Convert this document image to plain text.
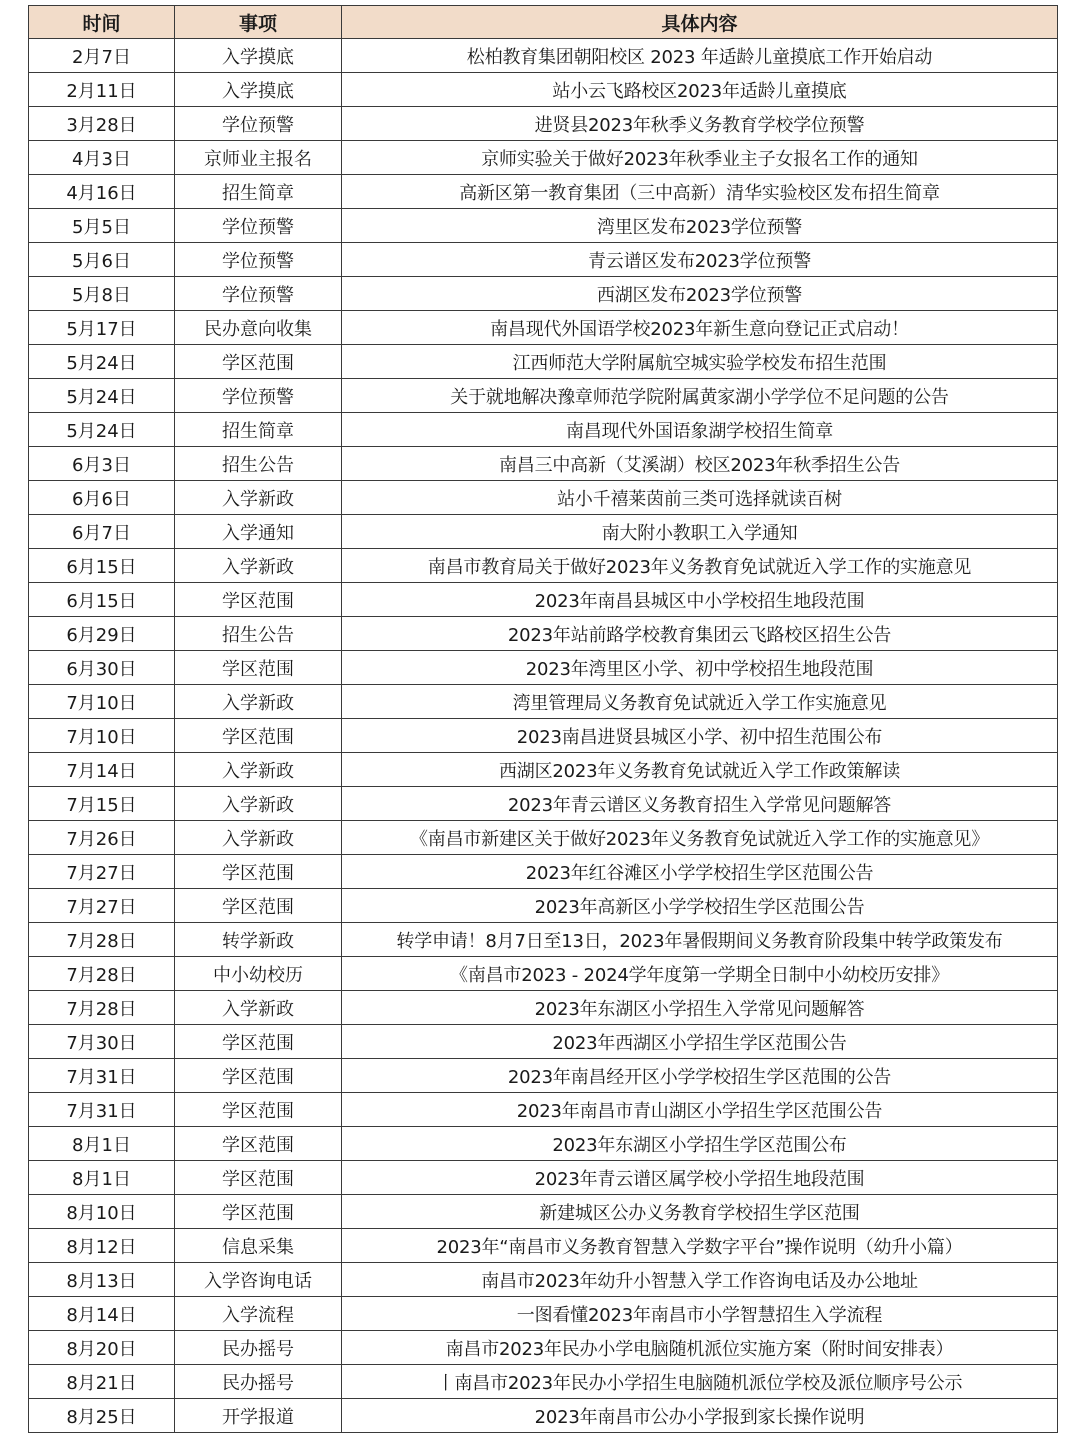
时间	事项	具体内容
2月7日	入学摸底	松柏教育集团朝阳校区 2023 年适龄儿童摸底工作开始启动
2月11日	入学摸底	站小云飞路校区2023年适龄儿童摸底
3月28日	学位预警	进贤县2023年秋季义务教育学校学位预警
4月3日	京师业主报名	京师实验关于做好2023年秋季业主子女报名工作的通知
4月16日	招生简章	高新区第一教育集团（三中高新）清华实验校区发布招生简章
5月5日	学位预警	湾里区发布2023学位预警
5月6日	学位预警	青云谱区发布2023学位预警
5月8日	学位预警	西湖区发布2023学位预警
5月17日	民办意向收集	南昌现代外国语学校2023年新生意向登记正式启动！
5月24日	学区范围	江西师范大学附属航空城实验学校发布招生范围
5月24日	学位预警	关于就地解决豫章师范学院附属黄家湖小学学位不足问题的公告
5月24日	招生简章	南昌现代外国语象湖学校招生简章
6月3日	招生公告	南昌三中高新（艾溪湖）校区2023年秋季招生公告
6月6日	入学新政	站小千禧莱茵前三类可选择就读百树
6月7日	入学通知	南大附小教职工入学通知
6月15日	入学新政	南昌市教育局关于做好2023年义务教育免试就近入学工作的实施意见
6月15日	学区范围	2023年南昌县城区中小学校招生地段范围
6月29日	招生公告	2023年站前路学校教育集团云飞路校区招生公告
6月30日	学区范围	2023年湾里区小学、初中学校招生地段范围
7月10日	入学新政	湾里管理局义务教育免试就近入学工作实施意见
7月10日	学区范围	2023南昌进贤县城区小学、初中招生范围公布
7月14日	入学新政	西湖区2023年义务教育免试就近入学工作政策解读
7月15日	入学新政	2023年青云谱区义务教育招生入学常见问题解答
7月26日	入学新政	《南昌市新建区关于做好2023年义务教育免试就近入学工作的实施意见》
7月27日	学区范围	2023年红谷滩区小学学校招生学区范围公告
7月27日	学区范围	2023年高新区小学学校招生学区范围公告
7月28日	转学新政	转学申请！8月7日至13日，2023年暑假期间义务教育阶段集中转学政策发布
7月28日	中小幼校历	《南昌市2023 - 2024学年度第一学期全日制中小幼校历安排》
7月28日	入学新政	2023年东湖区小学招生入学常见问题解答
7月30日	学区范围	2023年西湖区小学招生学区范围公告
7月31日	学区范围	2023年南昌经开区小学学校招生学区范围的公告
7月31日	学区范围	2023年南昌市青山湖区小学招生学区范围公告
8月1日	学区范围	2023年东湖区小学招生学区范围公布
8月1日	学区范围	2023年青云谱区属学校小学招生地段范围
8月10日	学区范围	新建城区公办义务教育学校招生学区范围
8月12日	信息采集	2023年“南昌市义务教育智慧入学数字平台”操作说明（幼升小篇）
8月13日	入学咨询电话	南昌市2023年幼升小智慧入学工作咨询电话及办公地址
8月14日	入学流程	一图看懂2023年南昌市小学智慧招生入学流程
8月20日	民办摇号	南昌市2023年民办小学电脑随机派位实施方案（附时间安排表）
8月21日	民办摇号	丨南昌市2023年民办小学招生电脑随机派位学校及派位顺序号公示
8月25日	开学报道	2023年南昌市公办小学报到家长操作说明
